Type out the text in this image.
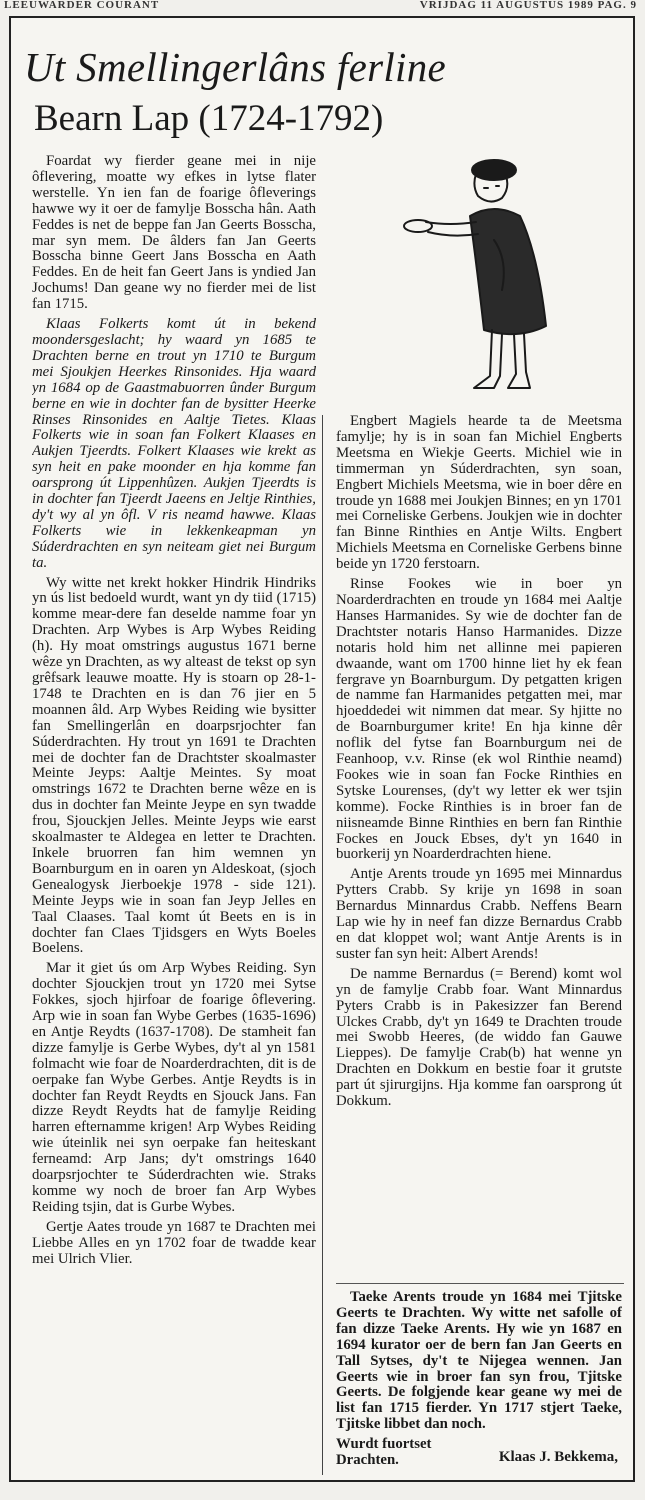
LEEUWARDER COURANT	VRIJDAG 11 AUGUSTUS 1989 PAG. 9
Ut Smellingerlâns ferline
Bearn Lap (1724-1792)

Foardat wy fierder geane mei in nije ôflevering, moatte wy efkes in lytse flater werstelle. Yn ien fan de foarige ôfleverings hawwe wy it oer de famylje Bosscha hân. Aath Feddes is net de beppe fan Jan Geerts Bosscha, mar syn mem. De âlders fan Jan Geerts Bosscha binne Geert Jans Bosscha en Aath Feddes. En de heit fan Geert Jans is yndied Jan Jochums! Dan geane wy no fierder mei de list fan 1715.

Klaas Folkerts komt út in bekend moondersgeslacht; hy waard yn 1685 te Drachten berne en trout yn 1710 te Burgum mei Sjoukjen Heerkes Rinsonides. Hja waard yn 1684 op de Gaastmabuorren ûnder Burgum berne en wie in dochter fan de bysitter Heerke Rinses Rinsonides en Aaltje Tietes. Klaas Folkerts wie in soan fan Folkert Klaases en Aukjen Tjeerdts. Folkert Klaases wie krekt as syn heit en pake moonder en hja komme fan oarsprong út Lippenhûzen. Aukjen Tjeerdts is in dochter fan Tjeerdt Jaeens en Jeltje Rinthies, dy't wy al yn ôfl. V ris neamd hawwe. Klaas Folkerts wie in lekkenkeapman yn Súderdrachten en syn neiteam giet nei Burgum ta.

Wy witte net krekt hokker Hindrik Hindriks yn ús list bedoeld wurdt, want yn dy tiid (1715) komme mear-dere fan deselde namme foar yn Drachten. Arp Wybes is Arp Wybes Reiding (h). Hy moat omstrings augustus 1671 berne wêze yn Drachten, as wy alteast de tekst op syn grêfsark leauwe moatte. Hy is stoarn op 28-1-1748 te Drachten en is dan 76 jier en 5 moannen âld. Arp Wybes Reiding wie bysitter fan Smellingerlân en doarpsrjochter fan Súderdrachten. Hy trout yn 1691 te Drachten mei de dochter fan de Drachtster skoalmaster Meinte Jeyps: Aaltje Meintes. Sy moat omstrings 1672 te Drachten berne wêze en is dus in dochter fan Meinte Jeype en syn twadde frou, Sjouckjen Jelles. Meinte Jeyps wie earst skoalmaster te Aldegea en letter te Drachten. Inkele bruorren fan him wemnen yn Boarnburgum en in oaren yn Aldeskoat, (sjoch Genealogysk Jierboekje 1978 - side 121). Meinte Jeyps wie in soan fan Jeyp Jelles en Taal Claases. Taal komt út Beets en is in dochter fan Claes Tjidsgers en Wyts Boeles Boelens.

Mar it giet ús om Arp Wybes Reiding. Syn dochter Sjouckjen trout yn 1720 mei Sytse Fokkes, sjoch hjirfoar de foarige ôflevering. Arp wie in soan fan Wybe Gerbes (1635-1696) en Antje Reydts (1637-1708). De stamheit fan dizze famylje is Gerbe Wybes, dy't al yn 1581 folmacht wie foar de Noarderdrachten, dit is de oerpake fan Wybe Gerbes. Antje Reydts is in dochter fan Reydt Reydts en Sjouck Jans. Fan dizze Reydt Reydts hat de famylje Reiding harren efternamme krigen! Arp Wybes Reiding wie úteinlik nei syn oerpake fan heiteskant ferneamd: Arp Jans; dy't omstrings 1640 doarpsrjochter te Súderdrachten wie. Straks komme wy noch de broer fan Arp Wybes Reiding tsjin, dat is Gurbe Wybes.

Gertje Aates troude yn 1687 te Drachten mei Liebbe Alles en yn 1702 foar de twadde kear mei Ulrich Vlier.

Engbert Magiels hearde ta de Meetsma famylje; hy is in soan fan Michiel Engberts Meetsma en Wiekje Geerts. Michiel wie in timmerman yn Súderdrachten, syn soan, Engbert Michiels Meetsma, wie in boer dêre en troude yn 1688 mei Joukjen Binnes; en yn 1701 mei Corneliske Gerbens. Joukjen wie in dochter fan Binne Rinthies en Antje Wilts. Engbert Michiels Meetsma en Corneliske Gerbens binne beide yn 1720 ferstoarn.

Rinse Fookes wie in boer yn Noarderdrachten en troude yn 1684 mei Aaltje Hanses Harmanides. Sy wie de dochter fan de Drachtster notaris Hanso Harmanides. Dizze notaris hold him net allinne mei papieren dwaande, want om 1700 hinne liet hy ek fean fergrave yn Boarnburgum. Dy petgatten krigen de namme fan Harmanides petgatten mei, mar hjoeddedei wit nimmen dat mear. Sy hjitte no de Boarnburgumer krite! En hja kinne dêr noflik del fytse fan Boarnburgum nei de Feanhoop, v.v. Rinse (ek wol Rinthie neamd) Fookes wie in soan fan Focke Rinthies en Sytske Lourenses, (dy't wy letter ek wer tsjin komme). Focke Rinthies is in broer fan de niisneamde Binne Rinthies en bern fan Rinthie Fockes en Jouck Ebses, dy't yn 1640 in buorkerij yn Noarderdrachten hiene.

Antje Arents troude yn 1695 mei Minnardus Pytters Crabb. Sy krije yn 1698 in soan Bernardus Minnardus Crabb. Neffens Bearn Lap wie hy in neef fan dizze Bernardus Crabb en dat kloppet wol; want Antje Arents is in suster fan syn heit: Albert Arends!

De namme Bernardus (= Berend) komt wol yn de famylje Crabb foar. Want Minnardus Pyters Crabb is in Pakesizzer fan Berend Ulckes Crabb, dy't yn 1649 te Drachten troude mei Swobb Heeres, (de widdo fan Gauwe Lieppes). De famylje Crab(b) hat wenne yn Drachten en Dokkum en bestie foar it grutste part út sjirurgijns. Hja komme fan oarsprong út Dokkum.

Taeke Arents troude yn 1684 mei Tjitske Geerts te Drachten. Wy witte net safolle of fan dizze Taeke Arents. Hy wie yn 1687 en 1694 kurator oer de bern fan Jan Geerts en Tall Sytses, dy't te Nijegea wennen. Jan Geerts wie in broer fan syn frou, Tjitske Geerts. De folgjende kear geane wy mei de list fan 1715 fierder. Yn 1717 stjert Taeke, Tjitske libbet dan noch.

Wurdt fuortset
Drachten.	Klaas J. Bekkema,
